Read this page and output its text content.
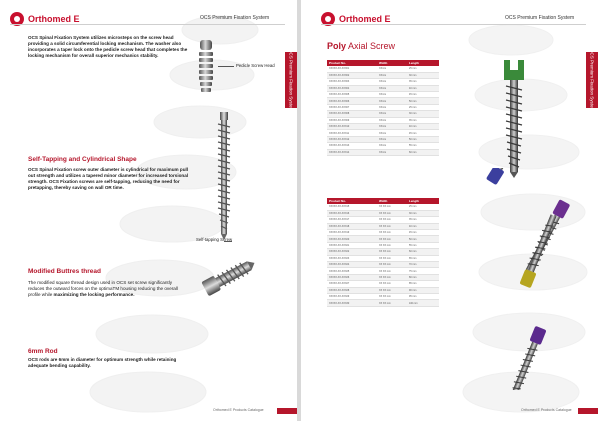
Orthomed E	OCS Premium Fixation System
OCS Premium Fixation System

OCS Spinal Fixation System utilizes microsteps on the screw head providing a solid circumferential locking mechanism. The washer also incorporates a taper lock onto the pedicle screw head that completes the locking mechanism for overall superior mechanics stability.

Pedicle Screw Head
Self-Tapping and Cylindrical Shape

OCS Spinal Fixation screw outer diameter is cylindrical for maximum pull out strength and utilizes a tapered minor diameter for increased torsional strength. OCS Fixation screws are self-tapping, reducing the need for pretapping, thereby saving on wall OR time.

Self-tapping Screw
Modified Buttres thread

The modified square thread design used in OCS set screw significantly reduces the outward forces on the optimaTM housing reducing the overall profile while maximizing the locking performance.

6mm Rod

OCS rods are 6mm in diameter for optimum strength while retaining adequate bending capability.

Orthomed E Products Catalogue
Orthomed E	OCS Premium Fixation System
OCS Premium Fixation System
Poly Axial Screw
Product No.	Width	Length
XXXXX-XX-XXX01	XXmm	25 mm
XXXXX-XX-XXX02	XXmm	30 mm
XXXXX-XX-XXX03	XXmm	35 mm
XXXXX-XX-XXX04	XXmm	40 mm
XXXXX-XX-XXX05	XXmm	45 mm
XXXXX-XX-XXX06	XXmm	50 mm
XXXXX-XX-XXX07	XXmm	25 mm
XXXXX-XX-XXX08	XXmm	30 mm
XXXXX-XX-XXX09	XXmm	35 mm
XXXXX-XX-XXX10	XXmm	40 mm
XXXXX-XX-XXX11	XXmm	45 mm
XXXXX-XX-XXX12	XXmm	50 mm
XXXXX-XX-XXX13	XXmm	55 mm
XXXXX-XX-XXX14	XXmm	60 mm
Product No.	Width	Length
XXXXX-XX-XXX15	XX XX mm	25 mm
XXXXX-XX-XXX16	XX XX mm	30 mm
XXXXX-XX-XXX17	XX XX mm	35 mm
XXXXX-XX-XXX18	XX XX mm	40 mm
XXXXX-XX-XXX19	XX XX mm	45 mm
XXXXX-XX-XXX20	XX XX mm	50 mm
XXXXX-XX-XXX21	XX XX mm	55 mm
XXXXX-XX-XXX22	XX XX mm	60 mm
XXXXX-XX-XXX23	XX XX mm	65 mm
XXXXX-XX-XXX24	XX XX mm	70 mm
XXXXX-XX-XXX25	XX XX mm	75 mm
XXXXX-XX-XXX26	XX XX mm	80 mm
XXXXX-XX-XXX27	XX XX mm	85 mm
XXXXX-XX-XXX28	XX XX mm	90 mm
XXXXX-XX-XXX29	XX XX mm	95 mm
XXXXX-XX-XXX30	XX XX mm	100 mm
Orthomed E Products Catalogue
